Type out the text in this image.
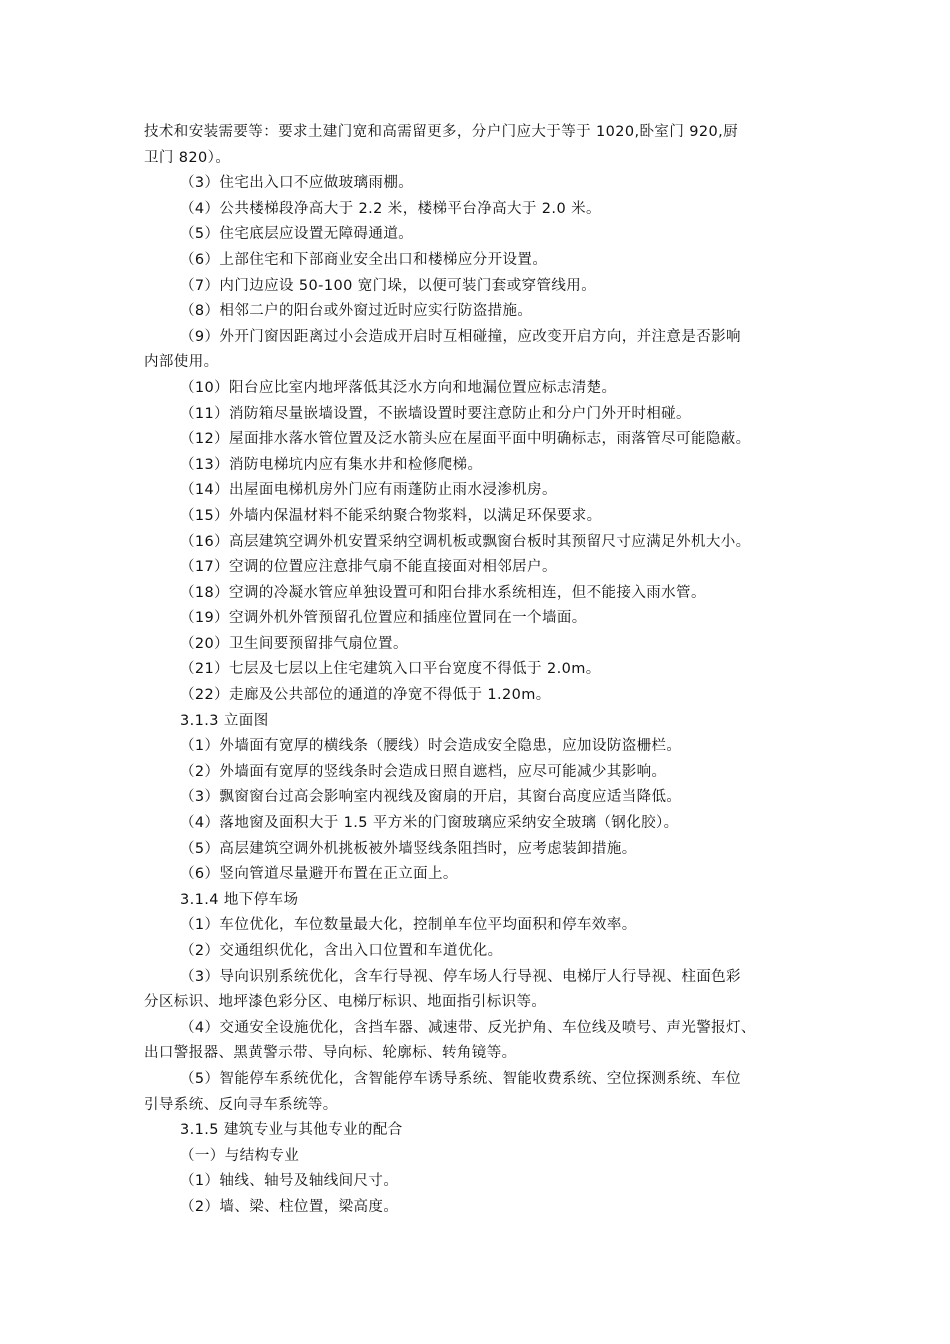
技术和安装需要等：要求土建门宽和高需留更多，分户门应大于等于 1020,卧室门 920,厨
卫门 820）。
（3）住宅出入口不应做玻璃雨棚。
（4）公共楼梯段净高大于 2.2 米，楼梯平台净高大于 2.0 米。
（5）住宅底层应设置无障碍通道。
（6）上部住宅和下部商业安全出口和楼梯应分开设置。
（7）内门边应设 50-100 宽门垛，以便可装门套或穿管线用。
（8）相邻二户的阳台或外窗过近时应实行防盗措施。
（9）外开门窗因距离过小会造成开启时互相碰撞，应改变开启方向，并注意是否影响
内部使用。
（10）阳台应比室内地坪落低其泛水方向和地漏位置应标志清楚。
（11）消防箱尽量嵌墙设置，不嵌墙设置时要注意防止和分户门外开时相碰。
（12）屋面排水落水管位置及泛水箭头应在屋面平面中明确标志，雨落管尽可能隐蔽。
（13）消防电梯坑内应有集水井和检修爬梯。
（14）出屋面电梯机房外门应有雨蓬防止雨水浸渗机房。
（15）外墙内保温材料不能采纳聚合物浆料，以满足环保要求。
（16）高层建筑空调外机安置采纳空调机板或飘窗台板时其预留尺寸应满足外机大小。
（17）空调的位置应注意排气扇不能直接面对相邻居户。
（18）空调的冷凝水管应单独设置可和阳台排水系统相连，但不能接入雨水管。
（19）空调外机外管预留孔位置应和插座位置同在一个墙面。
（20）卫生间要预留排气扇位置。
（21）七层及七层以上住宅建筑入口平台宽度不得低于 2.0m。
（22）走廊及公共部位的通道的净宽不得低于 1.20m。
3.1.3 立面图
（1）外墙面有宽厚的横线条（腰线）时会造成安全隐患，应加设防盗栅栏。
（2）外墙面有宽厚的竖线条时会造成日照自遮档，应尽可能减少其影响。
（3）飘窗窗台过高会影响室内视线及窗扇的开启，其窗台高度应适当降低。
（4）落地窗及面积大于 1.5 平方米的门窗玻璃应采纳安全玻璃（钢化胶）。
（5）高层建筑空调外机挑板被外墙竖线条阻挡时，应考虑装卸措施。
（6）竖向管道尽量避开布置在正立面上。
3.1.4 地下停车场
（1）车位优化，车位数量最大化，控制单车位平均面积和停车效率。
（2）交通组织优化，含出入口位置和车道优化。
（3）导向识别系统优化，含车行导视、停车场人行导视、电梯厅人行导视、柱面色彩
分区标识、地坪漆色彩分区、电梯厅标识、地面指引标识等。
（4）交通安全设施优化，含挡车器、减速带、反光护角、车位线及喷号、声光警报灯、
出口警报器、黑黄警示带、导向标、轮廓标、转角镜等。
（5）智能停车系统优化，含智能停车诱导系统、智能收费系统、空位探测系统、车位
引导系统、反向寻车系统等。
3.1.5 建筑专业与其他专业的配合
（一）与结构专业
（1）轴线、轴号及轴线间尺寸。
（2）墙、梁、柱位置，梁高度。
